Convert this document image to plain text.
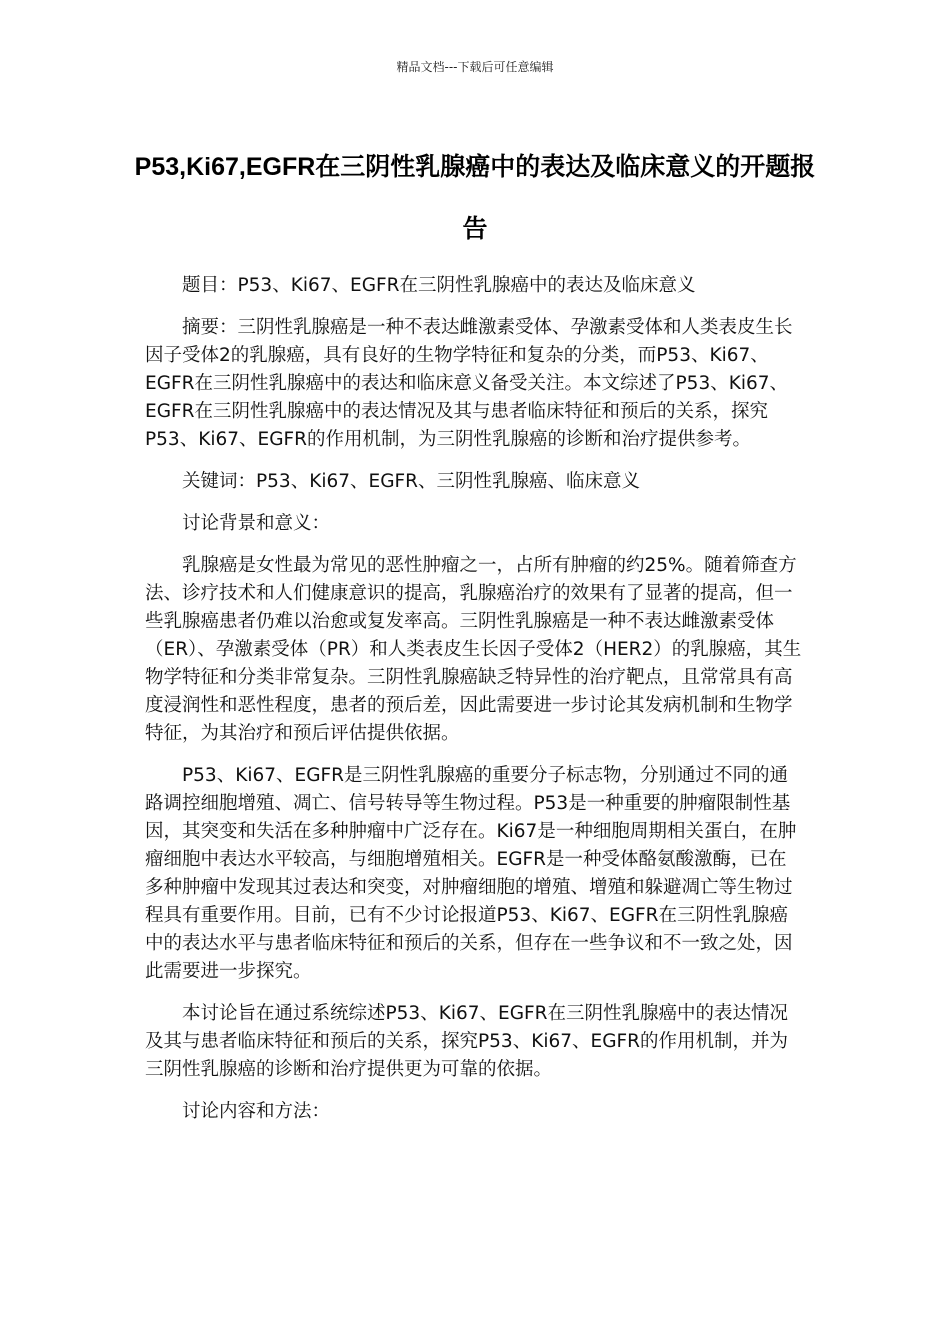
精品文档---下载后可任意编辑
P53,Ki67,EGFR在三阴性乳腺癌中的表达及临床意义的开题报告

题目：P53、Ki67、EGFR在三阴性乳腺癌中的表达及临床意义

摘要：三阴性乳腺癌是一种不表达雌激素受体、孕激素受体和人类表皮生长因子受体2的乳腺癌，具有良好的生物学特征和复杂的分类，而P53、Ki67、EGFR在三阴性乳腺癌中的表达和临床意义备受关注。本文综述了P53、Ki67、EGFR在三阴性乳腺癌中的表达情况及其与患者临床特征和预后的关系，探究P53、Ki67、EGFR的作用机制，为三阴性乳腺癌的诊断和治疗提供参考。

关键词：P53、Ki67、EGFR、三阴性乳腺癌、临床意义

讨论背景和意义：

乳腺癌是女性最为常见的恶性肿瘤之一，占所有肿瘤的约25%。随着筛查方法、诊疗技术和人们健康意识的提高，乳腺癌治疗的效果有了显著的提高，但一些乳腺癌患者仍难以治愈或复发率高。三阴性乳腺癌是一种不表达雌激素受体（ER）、孕激素受体（PR）和人类表皮生长因子受体2（HER2）的乳腺癌，其生物学特征和分类非常复杂。三阴性乳腺癌缺乏特异性的治疗靶点，且常常具有高度浸润性和恶性程度，患者的预后差，因此需要进一步讨论其发病机制和生物学特征，为其治疗和预后评估提供依据。

P53、Ki67、EGFR是三阴性乳腺癌的重要分子标志物，分别通过不同的通路调控细胞增殖、凋亡、信号转导等生物过程。P53是一种重要的肿瘤限制性基因，其突变和失活在多种肿瘤中广泛存在。Ki67是一种细胞周期相关蛋白，在肿瘤细胞中表达水平较高，与细胞增殖相关。EGFR是一种受体酪氨酸激酶，已在多种肿瘤中发现其过表达和突变，对肿瘤细胞的增殖、增殖和躲避凋亡等生物过程具有重要作用。目前，已有不少讨论报道P53、Ki67、EGFR在三阴性乳腺癌中的表达水平与患者临床特征和预后的关系，但存在一些争议和不一致之处，因此需要进一步探究。

本讨论旨在通过系统综述P53、Ki67、EGFR在三阴性乳腺癌中的表达情况及其与患者临床特征和预后的关系，探究P53、Ki67、EGFR的作用机制，并为三阴性乳腺癌的诊断和治疗提供更为可靠的依据。

讨论内容和方法：
